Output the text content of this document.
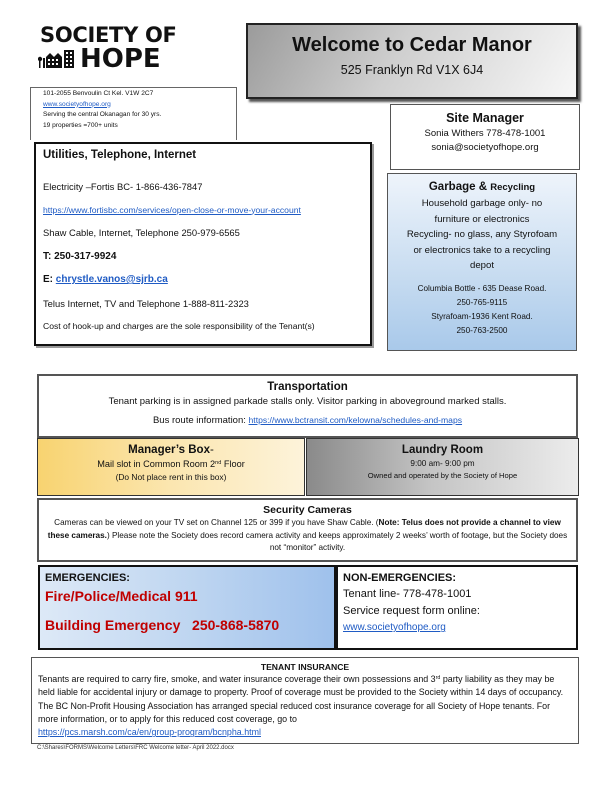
SOCIETY OF
HOPE
101-2055 Benvoulin Ct Kel. V1W 2C7
www.societyofhope.org
Serving the central Okanagan for 30 yrs.
19 properties =700+ units
Welcome to Cedar Manor
525 Franklyn Rd V1X 6J4
Site Manager
Sonia Withers 778-478-1001
sonia@societyofhope.org
Garbage & Recycling
Household garbage only- no
furniture or electronics
Recycling- no glass, any Styrofoam
or electronics take to a recycling
depot
Columbia Bottle - 635 Dease Road.
250-765-9115
Styrafoam-1936 Kent Road.
250-763-2500
Utilities, Telephone, Internet
Electricity –Fortis BC- 1-866-436-7847
https://www.fortisbc.com/services/open-close-or-move-your-account
Shaw Cable, Internet, Telephone 250-979-6565
T: 250-317-9924
E: chrystle.vanos@sjrb.ca
Telus Internet, TV and Telephone 1-888-811-2323
Cost of hook-up and charges are the sole responsibility of the Tenant(s)
Transportation
Tenant parking is in assigned parkade stalls only. Visitor parking in aboveground marked stalls.
Bus route information: https://www.bctransit.com/kelowna/schedules-and-maps
Manager’s Box-
Mail slot in Common Room 2nd Floor
(Do Not place rent in this box)
Laundry Room
9:00 am- 9:00 pm
Owned and operated by the Society of Hope
Security Cameras
Cameras can be viewed on your TV set on Channel 125 or 399 if you have Shaw Cable. (Note: Telus does not provide a channel to view these cameras.) Please note the Society does record camera activity and keeps approximately 2 weeks’ worth of footage, but the Society does not “monitor” activity.
EMERGENCIES:
Fire/Police/Medical 911
Building Emergency   250-868-5870
NON-EMERGENCIES:
Tenant line- 778-478-1001
Service request form online:
www.societyofhope.org
TENANT INSURANCE
Tenants are required to carry fire, smoke, and water insurance coverage their own possessions and 3rd party liability as they may be held liable for accidental injury or damage to property. Proof of coverage must be provided to the Society within 14 days of occupancy. The BC Non-Profit Housing Association has arranged special reduced cost insurance coverage for all Society of Hope tenants. For more information, or to apply for this reduced cost coverage, go to
https://pcs.marsh.com/ca/en/group-program/bcnpha.html
C:\Shares\FORMS\Welcome Letters\FRC Welcome letter- April 2022.docx
